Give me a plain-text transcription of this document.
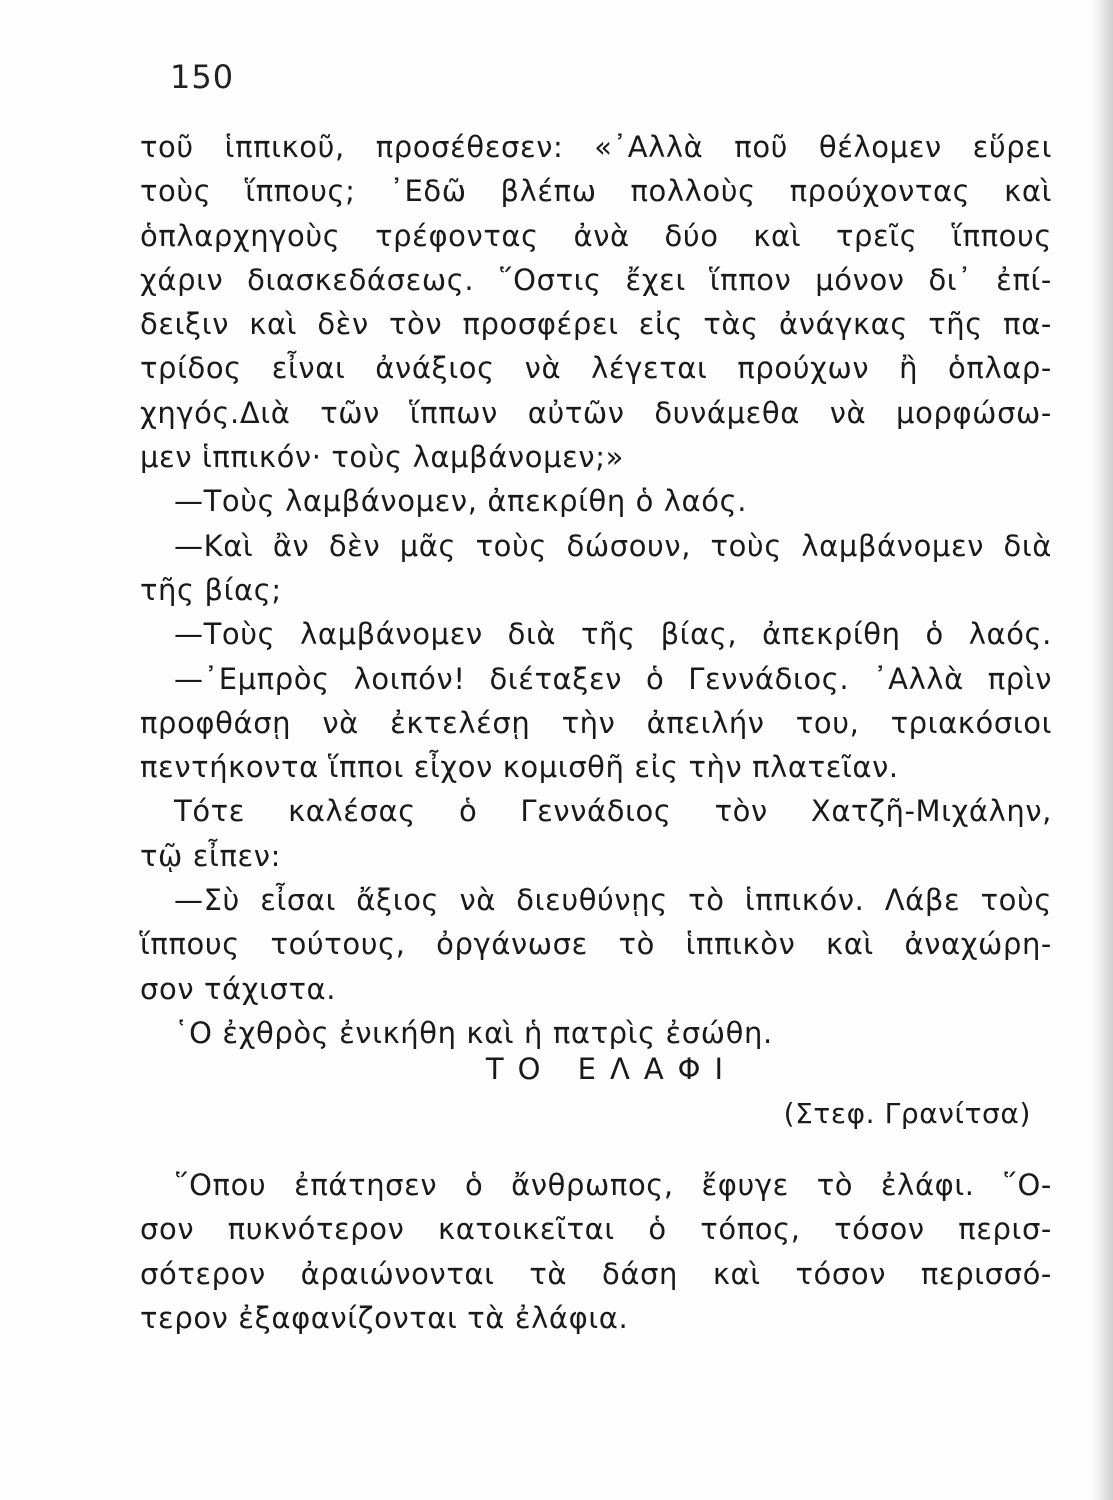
150
τοῦ ἱππικοῦ, προσέθεσεν: «᾿Αλλὰ ποῦ θέλομεν εὕρει
τοὺς ἵππους; ᾿Εδῶ βλέπω πολλοὺς προύχοντας καὶ
ὁπλαρχηγοὺς τρέφοντας ἀνὰ δύο καὶ τρεῖς ἵππους
χάριν διασκεδάσεως. ῞Οστις ἔχει ἵππον μόνον δι᾿ ἐπί-
δειξιν καὶ δὲν τὸν προσφέρει εἰς τὰς ἀνάγκας τῆς πα-
τρίδος εἶναι ἀνάξιος νὰ λέγεται προύχων ἢ ὁπλαρ-
χηγός.Διὰ τῶν ἵππων αὐτῶν δυνάμεθα νὰ μορφώσω-
μεν ἱππικόν· τοὺς λαμβάνομεν;»
—Τοὺς λαμβάνομεν, ἀπεκρίθη ὁ λαός.
—Καὶ ἂν δὲν μᾶς τοὺς δώσουν, τοὺς λαμβάνομεν διὰ
τῆς βίας;
—Τοὺς λαμβάνομεν διὰ τῆς βίας, ἀπεκρίθη ὁ λαός.
—᾿Εμπρὸς λοιπόν! διέταξεν ὁ Γεννάδιος. ᾿Αλλὰ πρὶν
προφθάσῃ νὰ ἐκτελέσῃ τὴν ἀπειλήν του, τριακόσιοι
πεντήκοντα ἵπποι εἶχον κομισθῆ εἰς τὴν πλατεῖαν.
Τότε καλέσας ὁ Γεννάδιος τὸν Χατζῆ-Μιχάλην,
τῷ εἶπεν:
—Σὺ εἶσαι ἄξιος νὰ διευθύνῃς τὸ ἱππικόν. Λάβε τοὺς
ἵππους τούτους, ὀργάνωσε τὸ ἱππικὸν καὶ ἀναχώρη-
σον τάχιστα.
῾Ο ἐχθρὸς ἐνικήθη καὶ ἡ πατρὶς ἐσώθη.
ΤΟ ΕΛΑΦΙ
(Στεφ. Γρανίτσα)
῞Οπου ἐπάτησεν ὁ ἄνθρωπος, ἔφυγε τὸ ἐλάφι. ῞Ο-
σον πυκνότερον κατοικεῖται ὁ τόπος, τόσον περισ-
σότερον ἀραιώνονται τὰ δάση καὶ τόσον περισσό-
τερον ἐξαφανίζονται τὰ ἐλάφια.
